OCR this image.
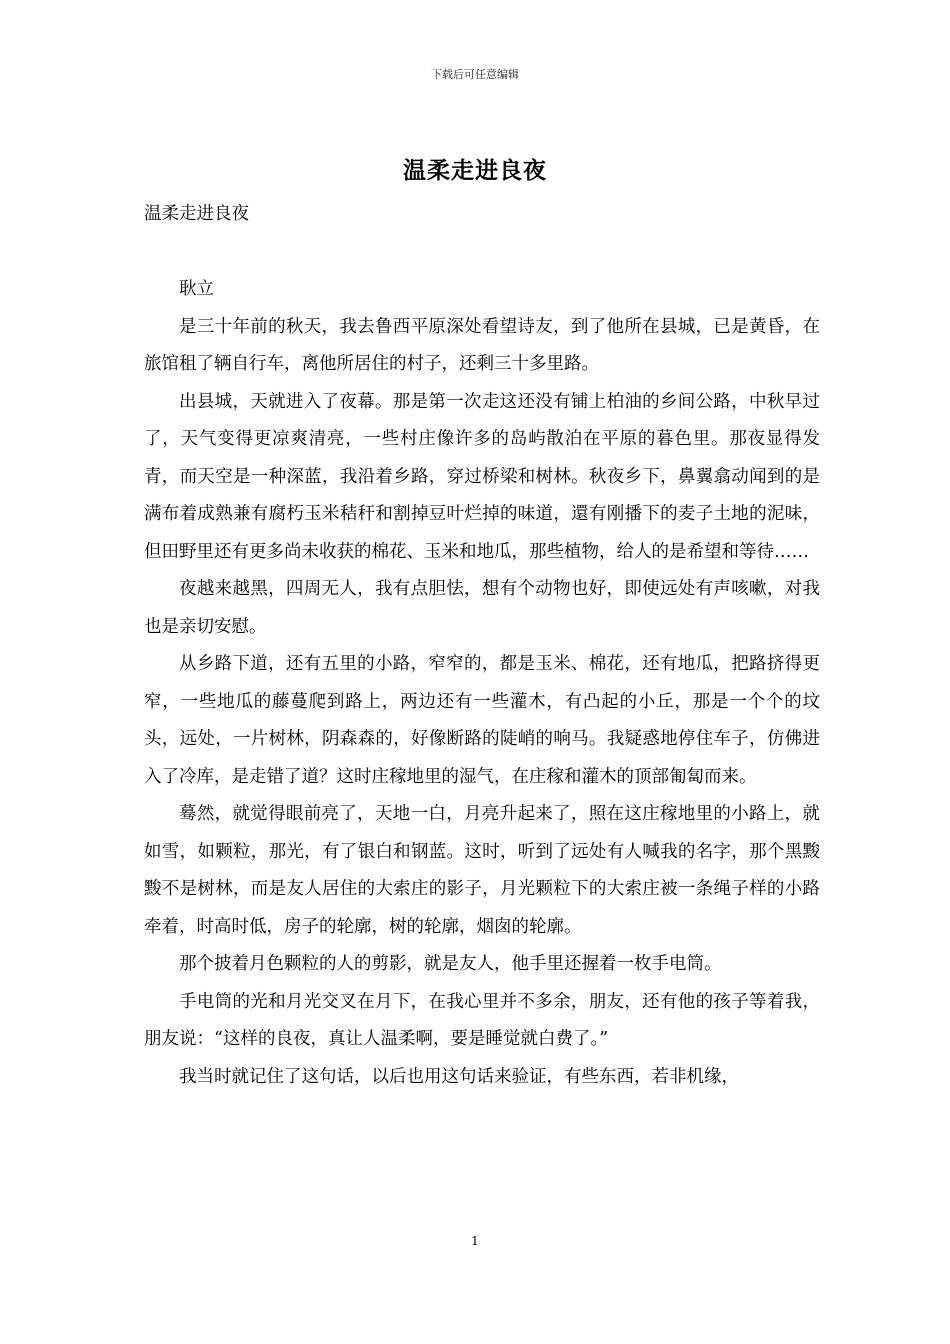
下载后可任意编辑
温柔走进良夜

温柔走进良夜

耿立

是三十年前的秋天，我去鲁西平原深处看望诗友，到了他所在县城，已是黄昏，在旅馆租了辆自行车，离他所居住的村子，还剩三十多里路。

出县城，天就进入了夜幕。那是第一次走这还没有铺上柏油的乡间公路，中秋早过了，天气变得更凉爽清亮，一些村庄像许多的岛屿散泊在平原的暮色里。那夜显得发青，而天空是一种深蓝，我沿着乡路，穿过桥梁和树林。秋夜乡下，鼻翼翕动闻到的是满布着成熟兼有腐朽玉米秸秆和割掉豆叶烂掉的味道，還有刚播下的麦子土地的泥味，但田野里还有更多尚未收获的棉花、玉米和地瓜，那些植物，给人的是希望和等待……

夜越来越黑，四周无人，我有点胆怯，想有个动物也好，即使远处有声咳嗽，对我也是亲切安慰。

从乡路下道，还有五里的小路，窄窄的，都是玉米、棉花，还有地瓜，把路挤得更窄，一些地瓜的藤蔓爬到路上，两边还有一些灌木，有凸起的小丘，那是一个个的坟头，远处，一片树林，阴森森的，好像断路的陡峭的响马。我疑惑地停住车子，仿佛进入了冷库，是走错了道？这时庄稼地里的湿气，在庄稼和灌木的顶部匍匐而来。

蓦然，就觉得眼前亮了，天地一白，月亮升起来了，照在这庄稼地里的小路上，就如雪，如颗粒，那光，有了银白和钢蓝。这时，听到了远处有人喊我的名字，那个黑黢黢不是树林，而是友人居住的大索庄的影子，月光颗粒下的大索庄被一条绳子样的小路牵着，时高时低，房子的轮廓，树的轮廓，烟囱的轮廓。

那个披着月色颗粒的人的剪影，就是友人，他手里还握着一枚手电筒。

手电筒的光和月光交叉在月下，在我心里并不多余，朋友，还有他的孩子等着我，朋友说：“这样的良夜，真让人温柔啊，要是睡觉就白费了。”

我当时就记住了这句话，以后也用这句话来验证，有些东西，若非机缘，

1
